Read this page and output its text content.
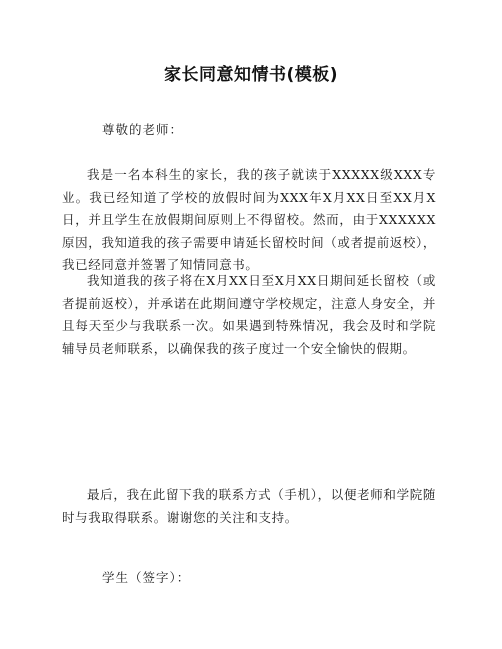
家长同意知情书(模板)
尊敬的老师：
我是一名本科生的家长，我的孩子就读于XXXXX级XXX专业。我已经知道了学校的放假时间为XXX年X月XX日至XX月X日，并且学生在放假期间原则上不得留校。然而，由于XXXXXX原因，我知道我的孩子需要申请延长留校时间（或者提前返校），我已经同意并签署了知情同意书。
我知道我的孩子将在X月XX日至X月XX日期间延长留校（或者提前返校），并承诺在此期间遵守学校规定，注意人身安全，并且每天至少与我联系一次。如果遇到特殊情况，我会及时和学院辅导员老师联系，以确保我的孩子度过一个安全愉快的假期。
最后，我在此留下我的联系方式（手机），以便老师和学院随时与我取得联系。谢谢您的关注和支持。
学生（签字）：
